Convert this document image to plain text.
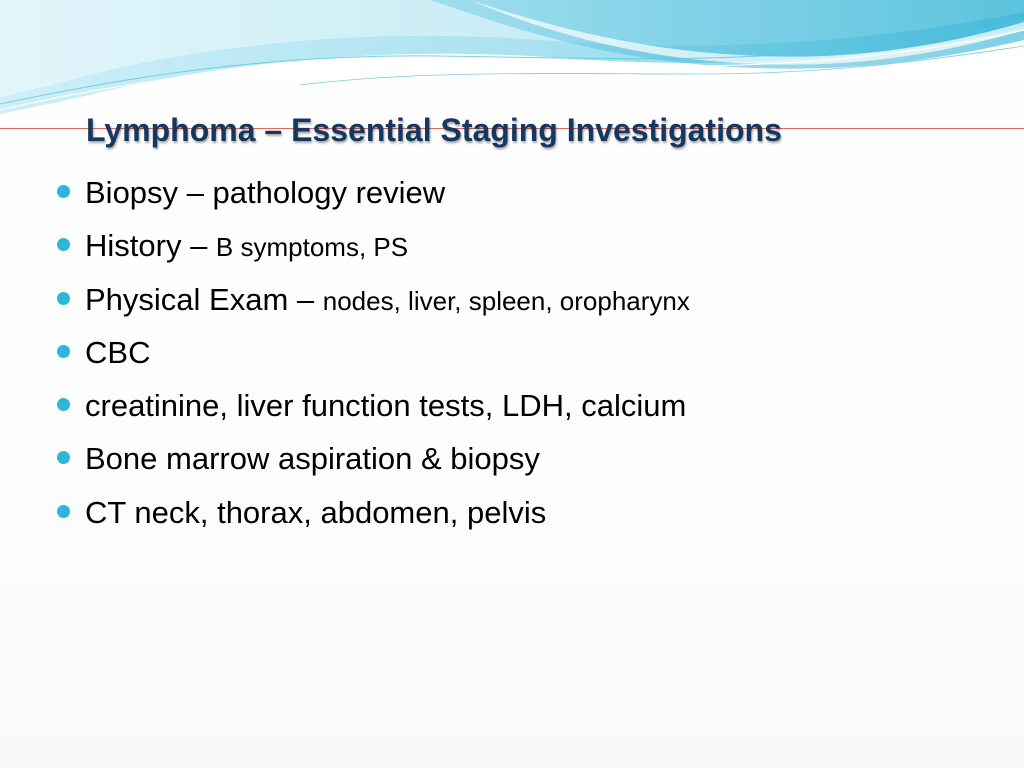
Lymphoma – Essential Staging Investigations
Biopsy – pathology review
History – B symptoms, PS
Physical Exam – nodes, liver, spleen, oropharynx
CBC
creatinine, liver function tests, LDH, calcium
Bone marrow aspiration & biopsy
CT neck, thorax, abdomen, pelvis
